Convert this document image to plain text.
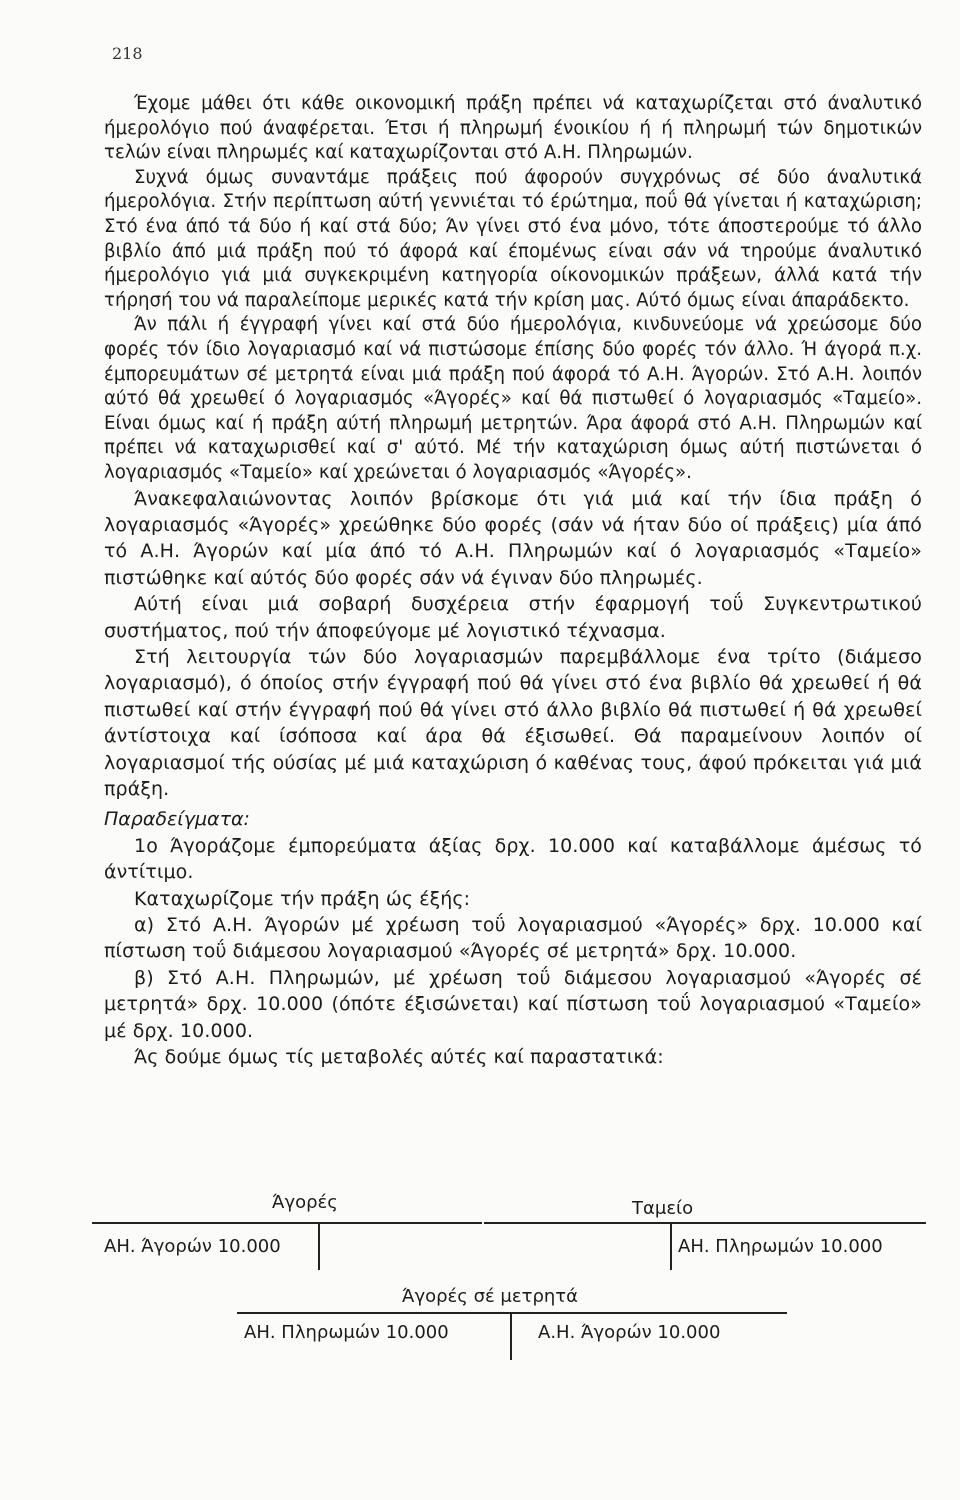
218

Έχομε μάθει ότι κάθε οικονομική πράξη πρέπει νά καταχωρίζεται στό άναλυτικό ήμερολόγιο πού άναφέρεται. Έτσι ή πληρωμή ένοικίου ή ή πληρωμή τών δημοτικών τελών είναι πληρωμές καί καταχωρίζονται στό Α.Η. Πληρωμών.

Συχνά όμως συναντάμε πράξεις πού άφορούν συγχρόνως σέ δύο άναλυτικά ήμερολόγια. Στήν περίπτωση αύτή γεννιέται τό έρώτημα, ποΰ θά γίνεται ή καταχώριση; Στό ένα άπό τά δύο ή καί στά δύο; Άν γίνει στό ένα μόνο, τότε άποστερούμε τό άλλο βιβλίο άπό μιά πράξη πού τό άφορά καί έπομένως είναι σάν νά τηρούμε άναλυτικό ήμερολόγιο γιά μιά συγκεκριμένη κατηγορία οίκονομικών πράξεων, άλλά κατά τήν τήρησή του νά παραλείπομε μερικές κατά τήν κρίση μας. Αύτό όμως είναι άπαράδεκτο.

Άν πάλι ή έγγραφή γίνει καί στά δύο ήμερολόγια, κινδυνεύομε νά χρεώσομε δύο φορές τόν ίδιο λογαριασμό καί νά πιστώσομε έπίσης δύο φορές τόν άλλο. Ή άγορά π.χ. έμπορευμάτων σέ μετρητά είναι μιά πράξη πού άφορά τό Α.Η. Άγορών. Στό Α.Η. λοιπόν αύτό θά χρεωθεί ό λογαριασμός «Άγορές» καί θά πιστωθεί ό λογαριασμός «Ταμείο». Είναι όμως καί ή πράξη αύτή πληρωμή μετρητών. Άρα άφορά στό Α.Η. Πληρωμών καί πρέπει νά καταχωρισθεί καί σ' αύτό. Μέ τήν καταχώριση όμως αύτή πιστώνεται ό λογαριασμός «Ταμείο» καί χρεώνεται ό λογαριασμός «Άγορές».

Άνακεφαλαιώνοντας λοιπόν βρίσκομε ότι γιά μιά καί τήν ίδια πράξη ό λογαριασμός «Άγορές» χρεώθηκε δύο φορές (σάν νά ήταν δύο οί πράξεις) μία άπό τό Α.Η. Άγορών καί μία άπό τό Α.Η. Πληρωμών καί ό λογαριασμός «Ταμείο» πιστώθηκε καί αύτός δύο φορές σάν νά έγιναν δύο πληρωμές.

Αύτή είναι μιά σοβαρή δυσχέρεια στήν έφαρμογή τοΰ Συγκεντρωτικού συστήματος, πού τήν άποφεύγομε μέ λογιστικό τέχνασμα.

Στή λειτουργία τών δύο λογαριασμών παρεμβάλλομε ένα τρίτο (διάμεσο λογαριασμό), ό όποίος στήν έγγραφή πού θά γίνει στό ένα βιβλίο θά χρεωθεί ή θά πιστωθεί καί στήν έγγραφή πού θά γίνει στό άλλο βιβλίο θά πιστωθεί ή θά χρεωθεί άντίστοιχα καί ίσόποσα καί άρα θά έξισωθεί. Θά παραμείνουν λοιπόν οί λογαριασμοί τής ούσίας μέ μιά καταχώριση ό καθένας τους, άφού πρόκειται γιά μιά πράξη.

Παραδείγματα:

1ο Άγοράζομε έμπορεύματα άξίας δρχ. 10.000 καί καταβάλλομε άμέσως τό άντίτιμο.

Καταχωρίζομε τήν πράξη ώς έξής:

α) Στό Α.Η. Άγορών μέ χρέωση τοΰ λογαριασμού «Άγορές» δρχ. 10.000 καί πίστωση τοΰ διάμεσου λογαριασμού «Άγορές σέ μετρητά» δρχ. 10.000.

β) Στό Α.Η. Πληρωμών, μέ χρέωση τοΰ διάμεσου λογαριασμού «Άγορές σέ μετρητά» δρχ. 10.000 (όπότε έξισώνεται) καί πίστωση τοΰ λογαριασμού «Ταμείο» μέ δρχ. 10.000.

Άς δούμε όμως τίς μεταβολές αύτές καί παραστατικά:

Άγορές
ΑΗ. Άγορών 10.000
Ταμείο
ΑΗ. Πληρωμών 10.000
Άγορές σέ μετρητά
ΑΗ. Πληρωμών 10.000	Α.Η. Άγορών 10.000
